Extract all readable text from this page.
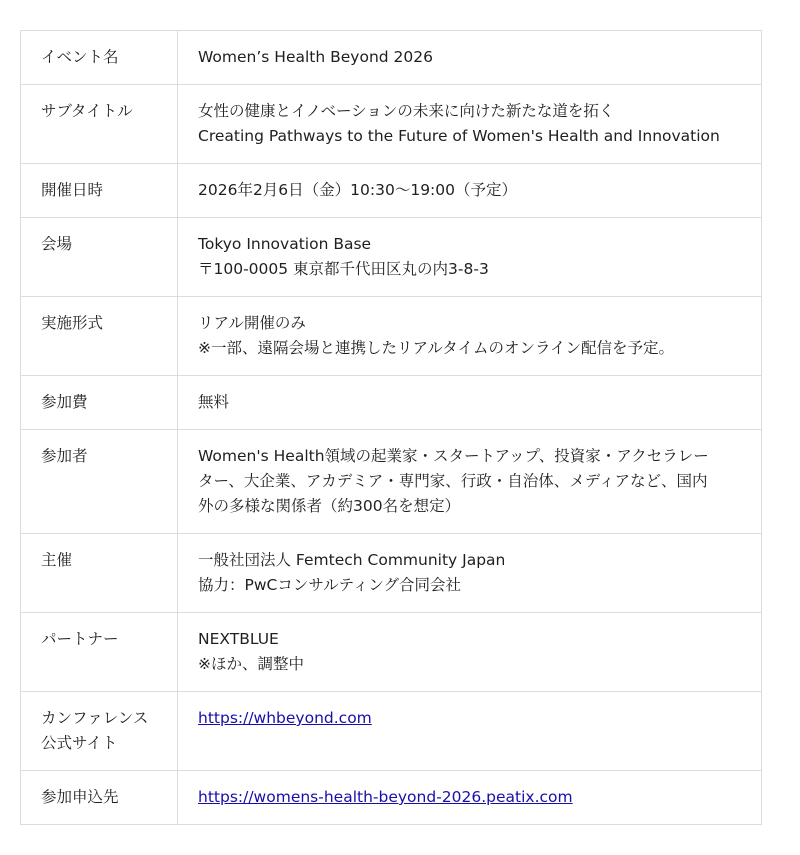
イベント名	Women’s Health Beyond 2026

サブタイトル	女性の健康とイノベーションの未来に向けた新たな道を拓く
Creating Pathways to the Future of Women's Health and Innovation

開催日時	2026年2月6日（金）10:30〜19:00（予定）

会場	Tokyo Innovation Base
〒100-0005 東京都千代田区丸の内3-8-3

実施形式	リアル開催のみ
※一部、遠隔会場と連携したリアルタイムのオンライン配信を予定。

参加費	無料

参加者	Women's Health領域の起業家・スタートアップ、投資家・アクセラレー
ター、大企業、アカデミア・専門家、行政・自治体、メディアなど、国内
外の多様な関係者（約300名を想定）

主催	一般社団法人 Femtech Community Japan
協力：PwCコンサルティング合同会社

パートナー	NEXTBLUE
※ほか、調整中

カンファレンス
公式サイト	https://whbeyond.com
参加申込先	https://womens-health-beyond-2026.peatix.com
